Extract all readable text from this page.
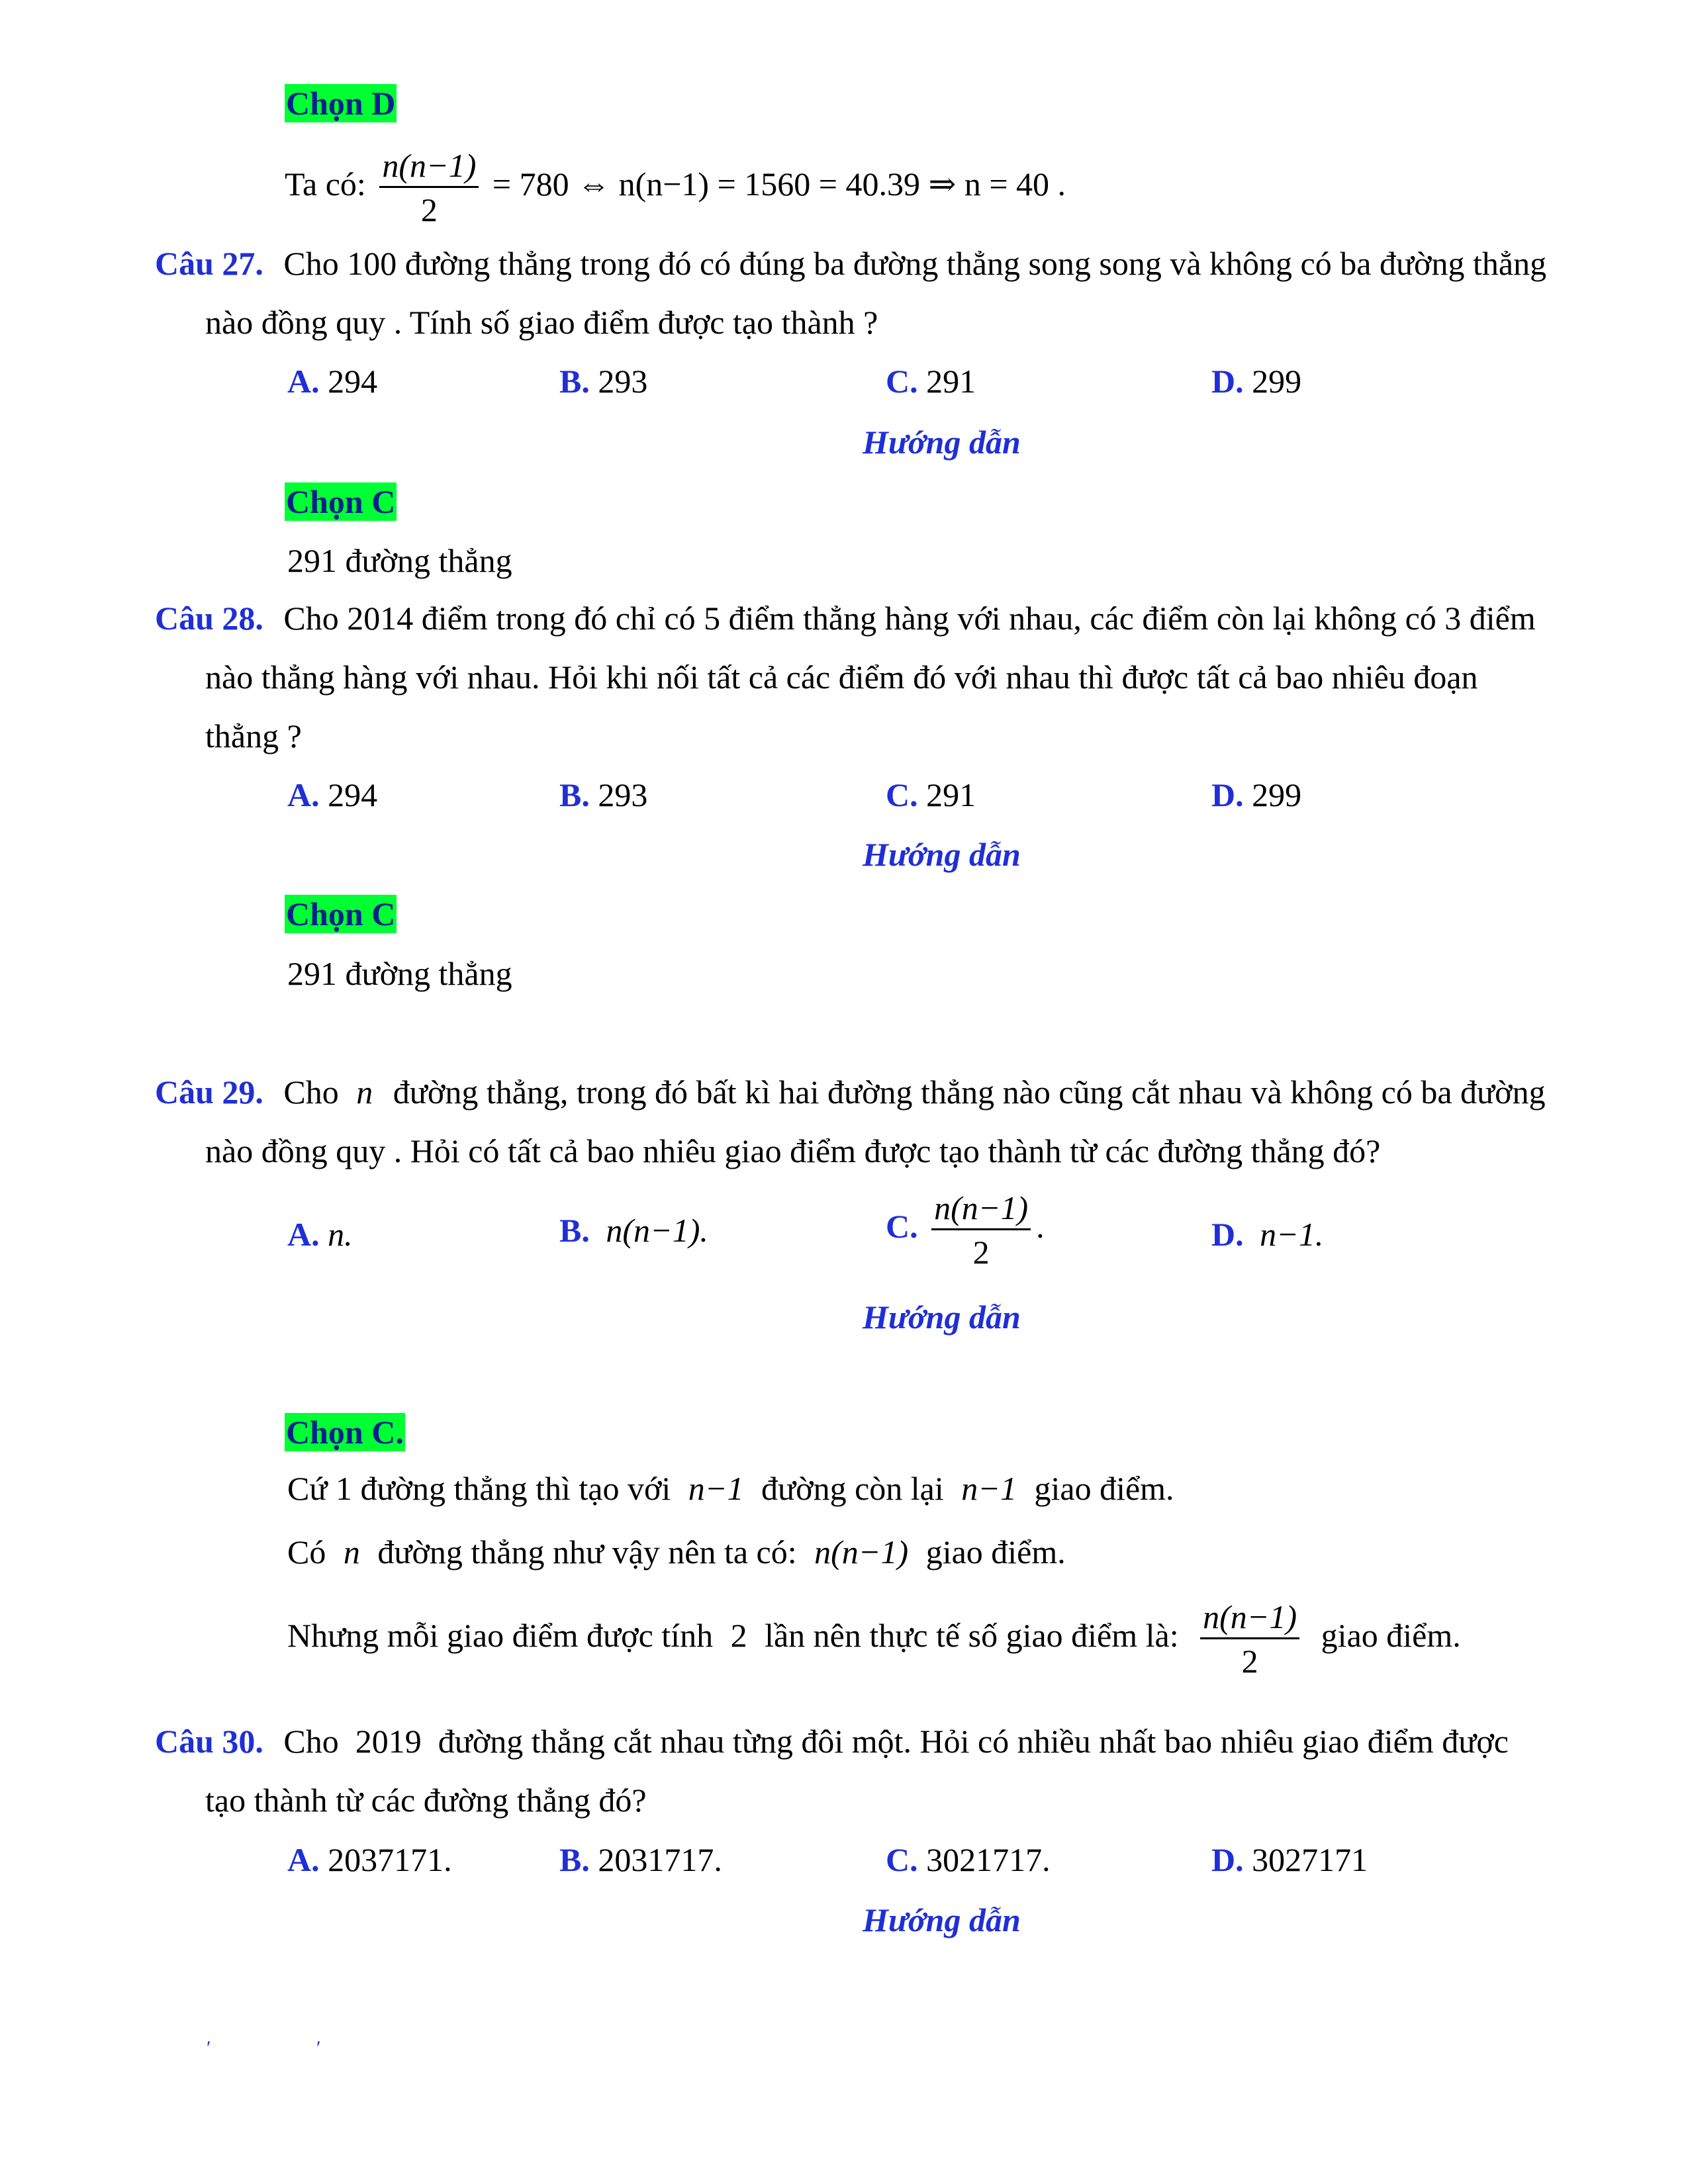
Chọn D
Ta có: $\frac{n(n-1)}{2} = 780$ ⇔ n(n−1) = 1560 = 40.39 ⇒ n = 40 .
Câu 27. Cho 100 đường thẳng trong đó có đúng ba đường thẳng song song và không có ba đường thẳng
nào đồng quy . Tính số giao điểm được tạo thành ?
A. 294	B. 293	C. 291	D. 299
Hướng dẫn
Chọn C
291 đường thẳng
Câu 28. Cho 2014 điểm trong đó chỉ có 5 điểm thẳng hàng với nhau, các điểm còn lại không có 3 điểm
nào thẳng hàng với nhau. Hỏi khi nối tất cả các điểm đó với nhau thì được tất cả bao nhiêu đoạn
thẳng ?
A. 294	B. 293	C. 291	D. 299
Hướng dẫn
Chọn C
291 đường thẳng
Câu 29. Cho n đường thẳng, trong đó bất kì hai đường thẳng nào cũng cắt nhau và không có ba đường
nào đồng quy . Hỏi có tất cả bao nhiêu giao điểm được tạo thành từ các đường thẳng đó?
A. n.	B. n(n−1).	C. $\frac{n(n-1)}{2}$ .	D. n−1.
Hướng dẫn
Chọn C.
Cứ 1 đường thẳng thì tạo với n−1 đường còn lại n−1 giao điểm.
Có n đường thẳng như vậy nên ta có: n(n−1) giao điểm.
Nhưng mỗi giao điểm được tính 2 lần nên thực tế số giao điểm là: $\frac{n(n-1)}{2}$ giao điểm.
Câu 30. Cho  2019  đường thẳng cắt nhau từng đôi một. Hỏi có nhiều nhất bao nhiêu giao điểm được
tạo thành từ các đường thẳng đó?
A. 2037171.	B. 2031717.	C. 3021717.	D. 3027171
Hướng dẫn
ʹ	ʹ
